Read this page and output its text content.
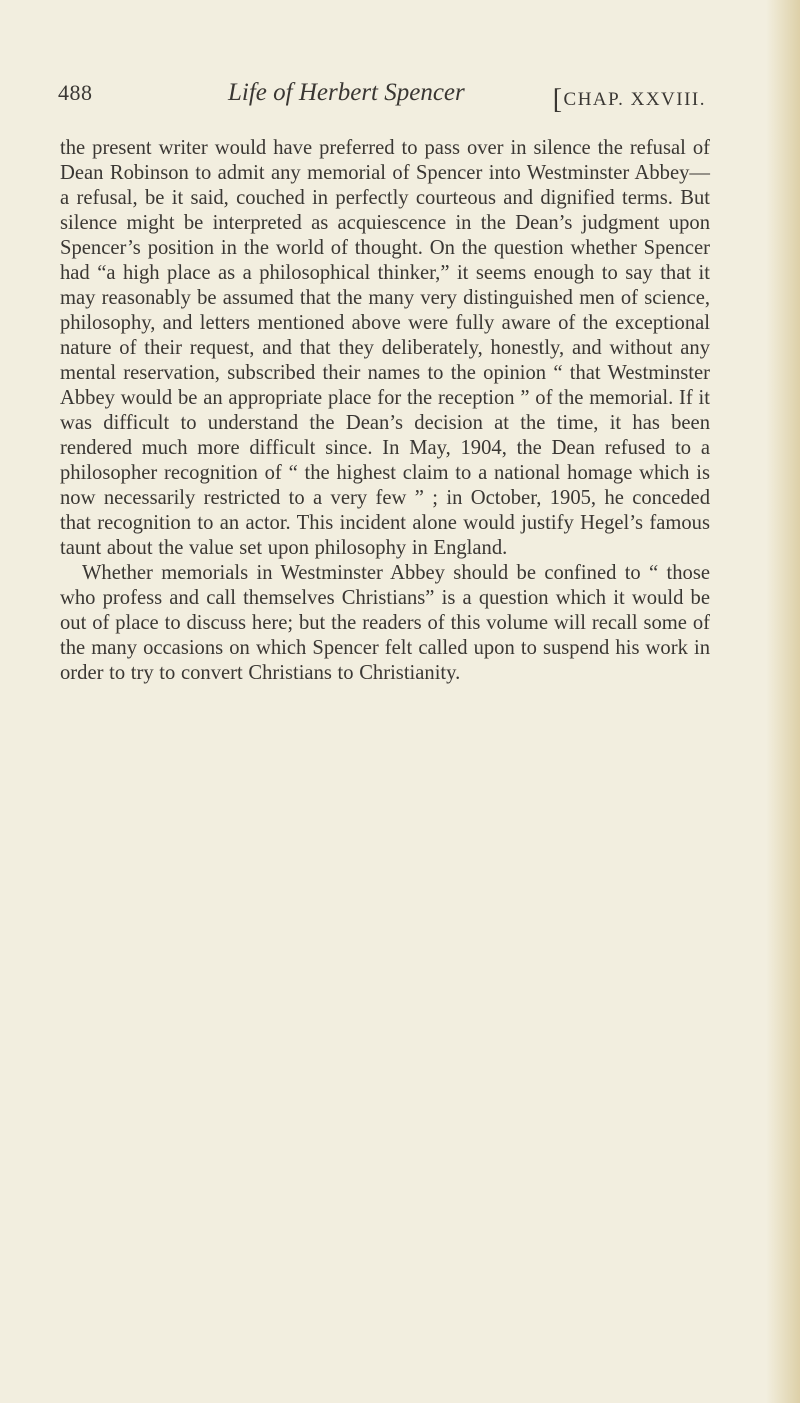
488	Life of Herbert Spencer	[CHAP. XXVIII.

the present writer would have preferred to pass over in silence the refusal of Dean Robinson to admit any memorial of Spencer into Westminster Abbey—a refusal, be it said, couched in perfectly courteous and dignified terms. But silence might be interpreted as acquiescence in the Dean’s judgment upon Spencer’s position in the world of thought. On the question whether Spencer had “a high place as a philosophical thinker,” it seems enough to say that it may reasonably be assumed that the many very distinguished men of science, philosophy, and letters mentioned above were fully aware of the exceptional nature of their request, and that they deliberately, honestly, and without any mental reservation, subscribed their names to the opinion “ that Westminster Abbey would be an appropriate place for the reception ” of the memorial. If it was difficult to understand the Dean’s decision at the time, it has been rendered much more difficult since. In May, 1904, the Dean refused to a philosopher recognition of “ the highest claim to a national homage which is now necessarily restricted to a very few ” ; in October, 1905, he conceded that recognition to an actor. This incident alone would justify Hegel’s famous taunt about the value set upon philosophy in England.

Whether memorials in Westminster Abbey should be confined to “ those who profess and call themselves Christians” is a question which it would be out of place to discuss here; but the readers of this volume will recall some of the many occasions on which Spencer felt called upon to suspend his work in order to try to convert Christians to Christianity.
